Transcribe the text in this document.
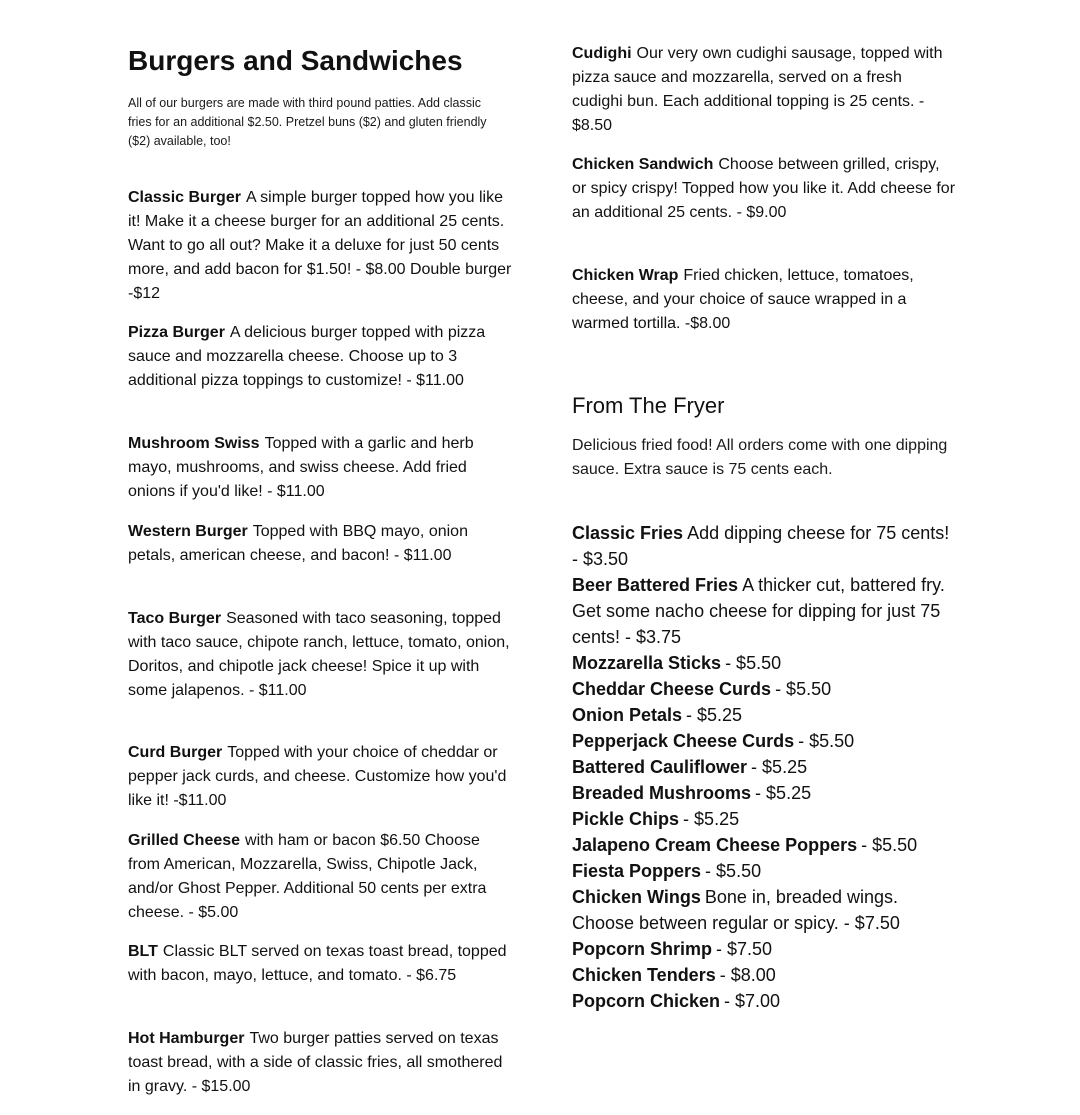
Burgers and Sandwiches

All of our burgers are made with third pound patties. Add classic fries for an additional $2.50. Pretzel buns ($2) and gluten friendly ($2) available, too!

Classic Burger A simple burger topped how you like it! Make it a cheese burger for an additional 25 cents. Want to go all out? Make it a deluxe for just 50 cents more, and add bacon for $1.50! - $8.00 Double burger -$12

Pizza Burger A delicious burger topped with pizza sauce and mozzarella cheese. Choose up to 3 additional pizza toppings to customize! - $11.00

Mushroom Swiss Topped with a garlic and herb mayo, mushrooms, and swiss cheese. Add fried onions if you'd like! - $11.00

Western Burger Topped with BBQ mayo, onion petals, american cheese, and bacon! - $11.00

Taco Burger Seasoned with taco seasoning, topped with taco sauce, chipote ranch, lettuce, tomato, onion, Doritos, and chipotle jack cheese! Spice it up with some jalapenos. - $11.00

Curd Burger Topped with your choice of cheddar or pepper jack curds, and cheese. Customize how you'd like it! -$11.00

Grilled Cheese with ham or bacon $6.50 Choose from American, Mozzarella, Swiss, Chipotle Jack, and/or Ghost Pepper. Additional 50 cents per extra cheese. - $5.00

BLT Classic BLT served on texas toast bread, topped with bacon, mayo, lettuce, and tomato. - $6.75

Hot Hamburger Two burger patties served on texas toast bread, with a side of classic fries, all smothered in gravy. - $15.00

Cudighi Our very own cudighi sausage, topped with pizza sauce and mozzarella, served on a fresh cudighi bun. Each additional topping is 25 cents. - $8.50

Chicken Sandwich Choose between grilled, crispy, or spicy crispy! Topped how you like it. Add cheese for an additional 25 cents. - $9.00

Chicken Wrap Fried chicken, lettuce, tomatoes, cheese, and your choice of sauce wrapped in a warmed tortilla. -$8.00

From The Fryer

Delicious fried food! All orders come with one dipping sauce. Extra sauce is 75 cents each.

Classic Fries Add dipping cheese for 75 cents! - $3.50
Beer Battered Fries A thicker cut, battered fry. Get some nacho cheese for dipping for just 75 cents! - $3.75
Mozzarella Sticks - $5.50
Cheddar Cheese Curds - $5.50
Onion Petals - $5.25
Pepperjack Cheese Curds - $5.50
Battered Cauliflower - $5.25
Breaded Mushrooms - $5.25
Pickle Chips - $5.25
Jalapeno Cream Cheese Poppers - $5.50
Fiesta Poppers - $5.50
Chicken Wings Bone in, breaded wings. Choose between regular or spicy. - $7.50
Popcorn Shrimp - $7.50
Chicken Tenders - $8.00
Popcorn Chicken - $7.00
